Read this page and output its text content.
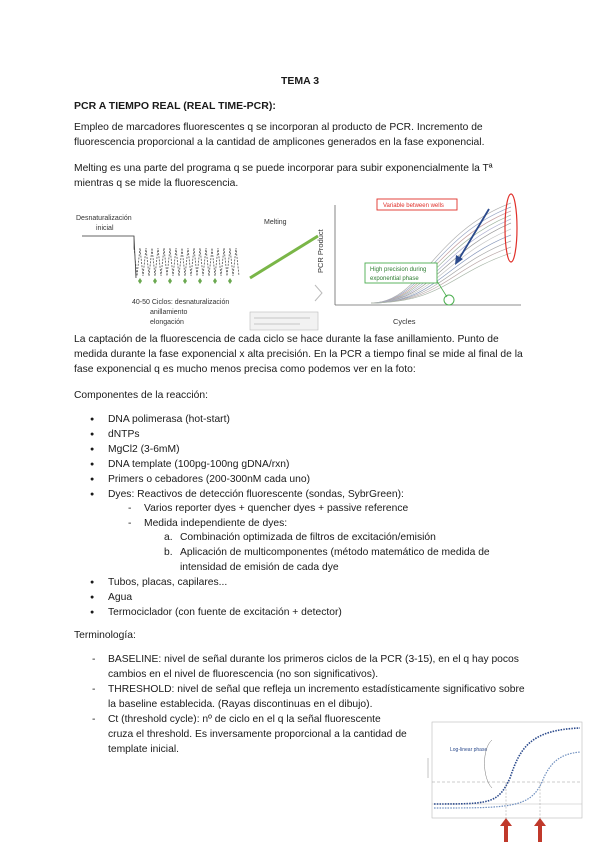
TEMA 3
PCR A TIEMPO REAL (REAL TIME-PCR):

Empleo de marcadores fluorescentes q se incorporan al producto de PCR. Incremento de fluorescencia proporcional a la cantidad de amplicones generados en la fase exponencial.

Melting es una parte del programa q se puede incorporar para subir exponencialmente la Tª mientras q se mide la fluorescencia.

Desnaturalización
inicial
Melting
40-50 Ciclos: desnaturalización
anillamiento
elongación
PCR Product
Cycles
Variable between wells
High precision during
exponential phase

La captación de la fluorescencia de cada ciclo se hace durante la fase anillamiento. Punto de medida durante la fase exponencial x alta precisión. En la PCR a tiempo final se mide al final de la fase exponencial q es mucho menos precisa como podemos ver en la foto:

Componentes de la reacción:
● DNA polimerasa (hot-start)
● dNTPs
● MgCl2 (3-6mM)
● DNA template (100pg-100ng gDNA/rxn)
● Primers o cebadores (200-300nM cada uno)
● Dyes: Reactivos de detección fluorescente (sondas, SybrGreen):
- Varios reporter dyes + quencher dyes + passive reference
- Medida independiente de dyes:
a. Combinación optimizada de filtros de excitación/emisión
b. Aplicación de multicomponentes (método matemático de medida de intensidad de emisión de cada dye
● Tubos, placas, capilares...
● Agua
● Termociclador (con fuente de excitación + detector)
Terminología:
- BASELINE: nivel de señal durante los primeros ciclos de la PCR (3-15), en el q hay pocos cambios en el nivel de fluorescencia (no son significativos).
- THRESHOLD: nivel de señal que refleja un incremento estadísticamente significativo sobre la baseline establecida. (Rayas discontinuas en el dibujo).
- Ct (threshold cycle): nº de ciclo en el q la señal fluorescente cruza el threshold. Es inversamente proporcional a la cantidad de template inicial.	Log-linear phase
